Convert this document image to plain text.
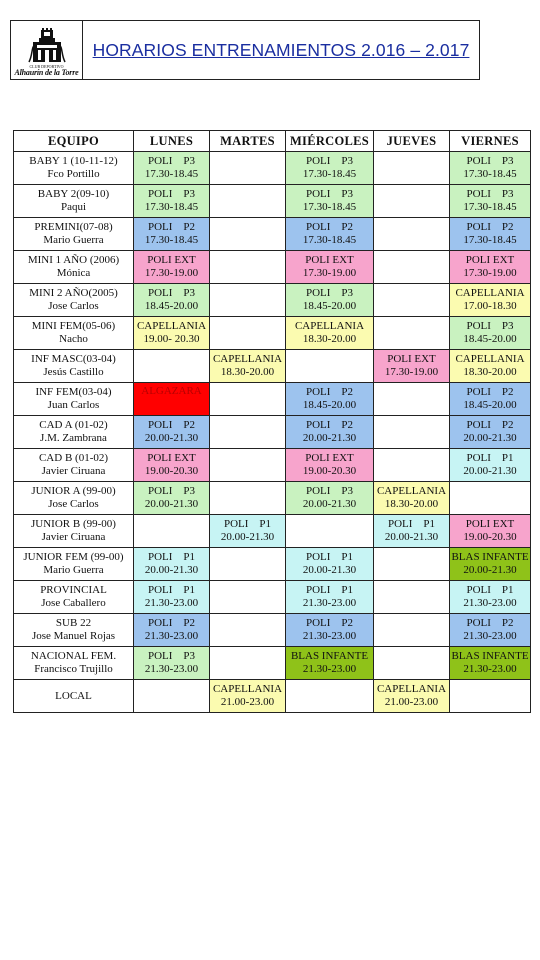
CLUB DEPORTIVO
Alhaurín de la Torre
HORARIOS ENTRENAMIENTOS 2.016 – 2.017
EQUIPO	LUNES	MARTES	MIÉRCOLES	JUEVES	VIERNES

BABY 1 (10-11-12)
Fco Portillo	POLI    P3
17.30-18.45		POLI    P3
17.30-18.45		POLI    P3
17.30-18.45

BABY 2(09-10)
Paqui	POLI    P3
17.30-18.45		POLI    P3
17.30-18.45		POLI    P3
17.30-18.45

PREMINI(07-08)
Mario Guerra	POLI    P2
17.30-18.45		POLI    P2
17.30-18.45		POLI    P2
17.30-18.45

MINI 1 AÑO (2006)
Mónica	POLI EXT
17.30-19.00		POLI EXT
17.30-19.00		POLI EXT
17.30-19.00

MINI 2 AÑO(2005)
Jose Carlos	POLI    P3
18.45-20.00		POLI    P3
18.45-20.00		CAPELLANIA
17.00-18.30

MINI FEM(05-06)
Nacho	CAPELLANIA
19.00- 20.30		CAPELLANIA
18.30-20.00		POLI    P3
18.45-20.00

INF MASC(03-04)
Jesús Castillo		CAPELLANIA
18.30-20.00		POLI EXT
17.30-19.00	CAPELLANIA
18.30-20.00

INF FEM(03-04)
Juan Carlos	ALGAZARA		POLI    P2
18.45-20.00		POLI    P2
18.45-20.00

CAD A (01-02)
J.M. Zambrana	POLI    P2
20.00-21.30		POLI    P2
20.00-21.30		POLI    P2
20.00-21.30

CAD B (01-02)
Javier Ciruana	POLI EXT
19.00-20.30		POLI EXT
19.00-20.30		POLI    P1
20.00-21.30

JUNIOR A (99-00)
Jose Carlos	POLI    P3
20.00-21.30		POLI    P3
20.00-21.30	CAPELLANIA
18.30-20.00	

JUNIOR B (99-00)
Javier Ciruana		POLI    P1
20.00-21.30		POLI    P1
20.00-21.30	POLI EXT
19.00-20.30

JUNIOR FEM (99-00)
Mario Guerra	POLI    P1
20.00-21.30		POLI    P1
20.00-21.30		BLAS INFANTE
20.00-21.30

PROVINCIAL
Jose Caballero	POLI    P1
21.30-23.00		POLI    P1
21.30-23.00		POLI    P1
21.30-23.00

SUB 22
Jose Manuel Rojas	POLI    P2
21.30-23.00		POLI    P2
21.30-23.00		POLI    P2
21.30-23.00

NACIONAL FEM.
Francisco Trujillo	POLI    P3
21.30-23.00		BLAS INFANTE
21.30-23.00		BLAS INFANTE
21.30-23.00

LOCAL		CAPELLANIA
21.00-23.00		CAPELLANIA
21.00-23.00	
